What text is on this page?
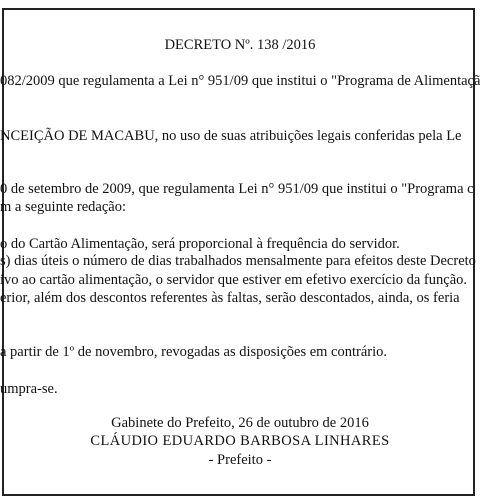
DECRETO Nº. 138 /2016
082/2009 que regulamenta a Lei n° 951/09 que institui o "Programa de Alimentaçã
NCEIÇÃO DE MACABU, no uso de suas atribuições legais conferidas pela Le
0 de setembro de 2009, que regulamenta Lei n° 951/09 que institui o "Programa c
m a seguinte redação:
o do Cartão Alimentação, será proporcional à frequência do servidor.
s) dias úteis o número de dias trabalhados mensalmente para efeitos deste Decreto
ivo ao cartão alimentação, o servidor que estiver em efetivo exercício da função.
erior, além dos descontos referentes às faltas, serão descontados, ainda, os feria
a partir de 1º de novembro, revogadas as disposições em contrário.
umpra-se.
Gabinete do Prefeito, 26 de outubro de 2016
CLÁUDIO EDUARDO BARBOSA LINHARES
- Prefeito -
